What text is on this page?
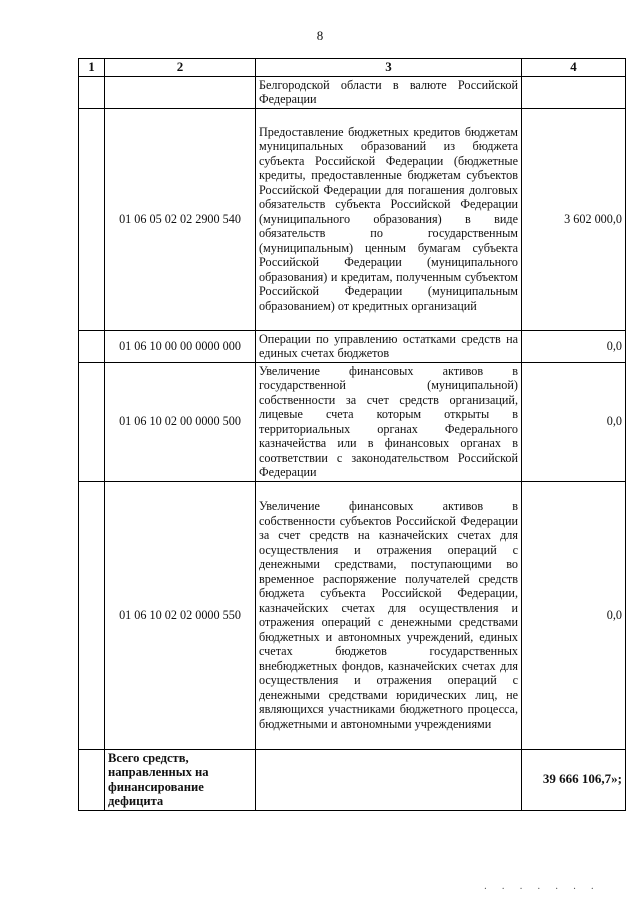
8
1	2	3	4
		Белгородской области в валюте Российской Федерации	
	01 06 05 02 02 2900 540	Предоставление бюджетных кредитов бюджетам муниципальных образований из бюджета субъекта Российской Федерации (бюджетные кредиты, предоставленные бюджетам субъектов Российской Федерации для погашения долговых обязательств субъекта Российской Федерации (муниципального образования) в виде обязательств по государственным (муниципальным) ценным бумагам субъекта Российской Федерации (муниципального образования) и кредитам, полученным субъектом Российской Федерации (муниципальным образованием) от кредитных организаций	3 602 000,0
	01 06 10 00 00 0000 000	Операции по управлению остатками средств на единых счетах бюджетов	0,0
	01 06 10 02 00 0000 500	Увеличение финансовых активов в государственной (муниципальной) собственности за счет средств организаций, лицевые счета которым открыты в территориальных органах Федерального казначейства или в финансовых органах в соответствии с законодательством Российской Федерации	0,0
	01 06 10 02 02 0000 550	Увеличение финансовых активов в собственности субъектов Российской Федерации за счет средств на казначейских счетах для осуществления и отражения операций с денежными средствами, поступающими во временное распоряжение получателей средств бюджета субъекта Российской Федерации, казначейских счетах для осуществления и отражения операций с денежными средствами бюджетных и автономных учреждений, единых счетах бюджетов государственных внебюджетных фондов, казначейских счетах для осуществления и отражения операций с денежными средствами юридических лиц, не являющихся участниками бюджетного процесса, бюджетными и автономными учреждениями	0,0
	Всего средств, направленных на финансирование дефицита		39 666 106,7»;
· · · · · · ·
